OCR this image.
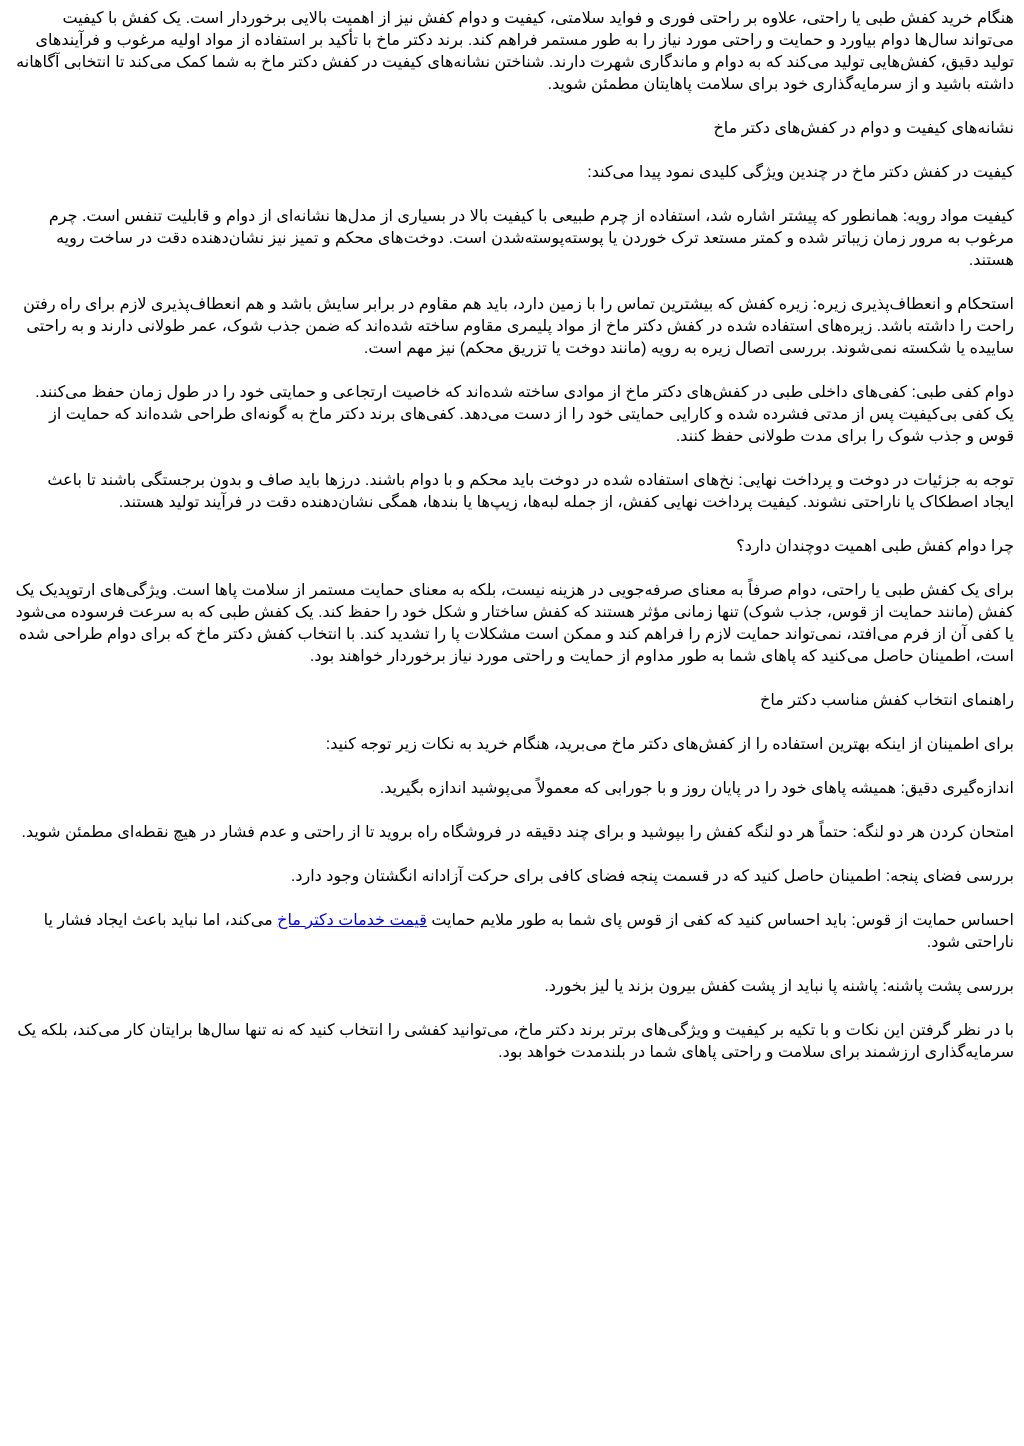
هنگام خرید کفش طبی یا راحتی، علاوه بر راحتی فوری و فواید سلامتی، کیفیت و دوام کفش نیز از اهمیت بالایی برخوردار است. یک کفش با کیفیت می‌تواند سال‌ها دوام بیاورد و حمایت و راحتی مورد نیاز را به طور مستمر فراهم کند. برند دکتر ماخ با تأکید بر استفاده از مواد اولیه مرغوب و فرآیندهای تولید دقیق، کفش‌هایی تولید می‌کند که به دوام و ماندگاری شهرت دارند. شناختن نشانه‌های کیفیت در کفش دکتر ماخ به شما کمک می‌کند تا انتخابی آگاهانه داشته باشید و از سرمایه‌گذاری خود برای سلامت پاهایتان مطمئن شوید.

نشانه‌های کیفیت و دوام در کفش‌های دکتر ماخ

کیفیت در کفش دکتر ماخ در چندین ویژگی کلیدی نمود پیدا می‌کند:

کیفیت مواد رویه: همانطور که پیشتر اشاره شد، استفاده از چرم طبیعی با کیفیت بالا در بسیاری از مدل‌ها نشانه‌ای از دوام و قابلیت تنفس است. چرم مرغوب به مرور زمان زیباتر شده و کمتر مستعد ترک خوردن یا پوسته‌پوسته‌شدن است. دوخت‌های محکم و تمیز نیز نشان‌دهنده دقت در ساخت رویه هستند.

استحکام و انعطاف‌پذیری زیره: زیره کفش که بیشترین تماس را با زمین دارد، باید هم مقاوم در برابر سایش باشد و هم انعطاف‌پذیری لازم برای راه رفتن راحت را داشته باشد. زیره‌های استفاده شده در کفش دکتر ماخ از مواد پلیمری مقاوم ساخته شده‌اند که ضمن جذب شوک، عمر طولانی دارند و به راحتی ساییده یا شکسته نمی‌شوند. بررسی اتصال زیره به رویه (مانند دوخت یا تزریق محکم) نیز مهم است.

دوام کفی طبی: کفی‌های داخلی طبی در کفش‌های دکتر ماخ از موادی ساخته شده‌اند که خاصیت ارتجاعی و حمایتی خود را در طول زمان حفظ می‌کنند. یک کفی بی‌کیفیت پس از مدتی فشرده شده و کارایی حمایتی خود را از دست می‌دهد. کفی‌های برند دکتر ماخ به گونه‌ای طراحی شده‌اند که حمایت از قوس و جذب شوک را برای مدت طولانی حفظ کنند.

توجه به جزئیات در دوخت و پرداخت نهایی: نخ‌های استفاده شده در دوخت باید محکم و با دوام باشند. درزها باید صاف و بدون برجستگی باشند تا باعث ایجاد اصطکاک یا ناراحتی نشوند. کیفیت پرداخت نهایی کفش، از جمله لبه‌ها، زیپ‌ها یا بندها، همگی نشان‌دهنده دقت در فرآیند تولید هستند.

چرا دوام کفش طبی اهمیت دوچندان دارد؟

برای یک کفش طبی یا راحتی، دوام صرفاً به معنای صرفه‌جویی در هزینه نیست، بلکه به معنای حمایت مستمر از سلامت پاها است. ویژگی‌های ارتوپدیک یک کفش (مانند حمایت از قوس، جذب شوک) تنها زمانی مؤثر هستند که کفش ساختار و شکل خود را حفظ کند. یک کفش طبی که به سرعت فرسوده می‌شود یا کفی آن از فرم می‌افتد، نمی‌تواند حمایت لازم را فراهم کند و ممکن است مشکلات پا را تشدید کند. با انتخاب کفش دکتر ماخ که برای دوام طراحی شده است، اطمینان حاصل می‌کنید که پاهای شما به طور مداوم از حمایت و راحتی مورد نیاز برخوردار خواهند بود.

راهنمای انتخاب کفش مناسب دکتر ماخ

برای اطمینان از اینکه بهترین استفاده را از کفش‌های دکتر ماخ می‌برید، هنگام خرید به نکات زیر توجه کنید:

اندازه‌گیری دقیق: همیشه پاهای خود را در پایان روز و با جورابی که معمولاً می‌پوشید اندازه بگیرید.

امتحان کردن هر دو لنگه: حتماً هر دو لنگه کفش را بپوشید و برای چند دقیقه در فروشگاه راه بروید تا از راحتی و عدم فشار در هیچ نقطه‌ای مطمئن شوید.

بررسی فضای پنجه: اطمینان حاصل کنید که در قسمت پنجه فضای کافی برای حرکت آزادانه انگشتان وجود دارد.

احساس حمایت از قوس: باید احساس کنید که کفی از قوس پای شما به طور ملایم حمایت قیمت خدمات دکتر ماخ می‌کند، اما نباید باعث ایجاد فشار یا ناراحتی شود.

بررسی پشت پاشنه: پاشنه پا نباید از پشت کفش بیرون بزند یا لیز بخورد.

با در نظر گرفتن این نکات و با تکیه بر کیفیت و ویژگی‌های برتر برند دکتر ماخ، می‌توانید کفشی را انتخاب کنید که نه تنها سال‌ها برایتان کار می‌کند، بلکه یک سرمایه‌گذاری ارزشمند برای سلامت و راحتی پاهای شما در بلندمدت خواهد بود.
